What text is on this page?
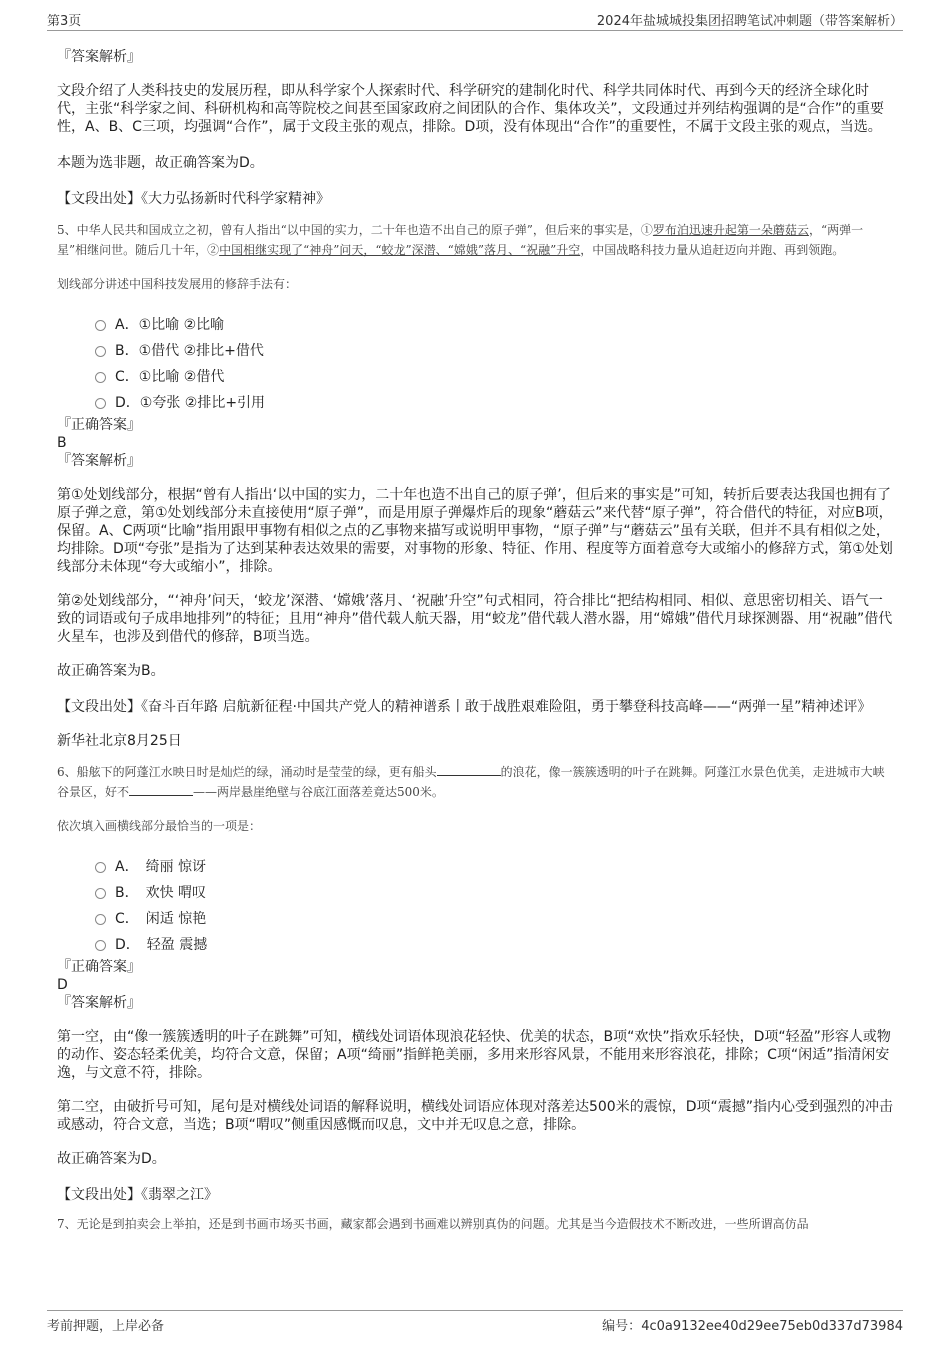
第3页	2024年盐城城投集团招聘笔试冲刺题（带答案解析）

『答案解析』

文段介绍了人类科技史的发展历程，即从科学家个人探索时代、科学研究的建制化时代、科学共同体时代、再到今天的经济全球化时代，主张“科学家之间、科研机构和高等院校之间甚至国家政府之间团队的合作、集体攻关”，文段通过并列结构强调的是“合作”的重要性，A、B、C三项，均强调“合作”，属于文段主张的观点，排除。D项，没有体现出“合作”的重要性，不属于文段主张的观点，当选。

本题为选非题，故正确答案为D。

【文段出处】《大力弘扬新时代科学家精神》

5、中华人民共和国成立之初，曾有人指出“以中国的实力，二十年也造不出自己的原子弹”，但后来的事实是，①罗布泊迅速升起第一朵蘑菇云，“两弹一星”相继问世。随后几十年，②中国相继实现了“神舟”问天，“蛟龙”深潜、“嫦娥”落月、“祝融”升空，中国战略科技力量从追赶迈向并跑、再到领跑。

划线部分讲述中国科技发展用的修辞手法有：

A．①比喻 ②比喻
B．①借代 ②排比+借代
C．①比喻 ②借代
D．①夸张 ②排比+引用

『正确答案』

B

『答案解析』

第①处划线部分，根据“曾有人指出‘以中国的实力，二十年也造不出自己的原子弹’，但后来的事实是”可知，转折后要表达我国也拥有了原子弹之意，第①处划线部分未直接使用“原子弹”，而是用原子弹爆炸后的现象“蘑菇云”来代替“原子弹”，符合借代的特征，对应B项，保留。A、C两项“比喻”指用跟甲事物有相似之点的乙事物来描写或说明甲事物，“原子弹”与“蘑菇云”虽有关联，但并不具有相似之处，均排除。D项“夸张”是指为了达到某种表达效果的需要，对事物的形象、特征、作用、程度等方面着意夸大或缩小的修辞方式，第①处划线部分未体现“夸大或缩小”，排除。

第②处划线部分，“‘神舟’问天，‘蛟龙’深潜、‘嫦娥’落月、‘祝融’升空”句式相同，符合排比“把结构相同、相似、意思密切相关、语气一致的词语或句子成串地排列”的特征；且用“神舟”借代载人航天器，用“蛟龙”借代载人潜水器，用“嫦娥”借代月球探测器、用“祝融”借代火星车，也涉及到借代的修辞，B项当选。

故正确答案为B。

【文段出处】《奋斗百年路 启航新征程·中国共产党人的精神谱系丨敢于战胜艰难险阻，勇于攀登科技高峰——“两弹一星”精神述评》

新华社北京8月25日

6、船舷下的阿蓬江水映日时是灿烂的绿，涌动时是莹莹的绿，更有船头	的浪花，像一簇簇透明的叶子在跳舞。阿蓬江水景色优美，走进城市大峡谷景区，好不	——两岸悬崖绝壁与谷底江面落差竟达500米。

依次填入画横线部分最恰当的一项是：

A．　绮丽 惊讶
B．　欢快 喟叹
C．　闲适 惊艳
D．　轻盈 震撼

『正确答案』

D

『答案解析』

第一空，由“像一簇簇透明的叶子在跳舞”可知，横线处词语体现浪花轻快、优美的状态，B项“欢快”指欢乐轻快，D项“轻盈”形容人或物的动作、姿态轻柔优美，均符合文意，保留；A项“绮丽”指鲜艳美丽，多用来形容风景，不能用来形容浪花，排除；C项“闲适”指清闲安逸，与文意不符，排除。

第二空，由破折号可知，尾句是对横线处词语的解释说明，横线处词语应体现对落差达500米的震惊，D项“震撼”指内心受到强烈的冲击或感动，符合文意，当选；B项“喟叹”侧重因感慨而叹息，文中并无叹息之意，排除。

故正确答案为D。

【文段出处】《翡翠之江》

7、无论是到拍卖会上举拍，还是到书画市场买书画，藏家都会遇到书画难以辨别真伪的问题。尤其是当今造假技术不断改进，一些所谓高仿品

考前押题，上岸必备	编号：4c0a9132ee40d29ee75eb0d337d73984
